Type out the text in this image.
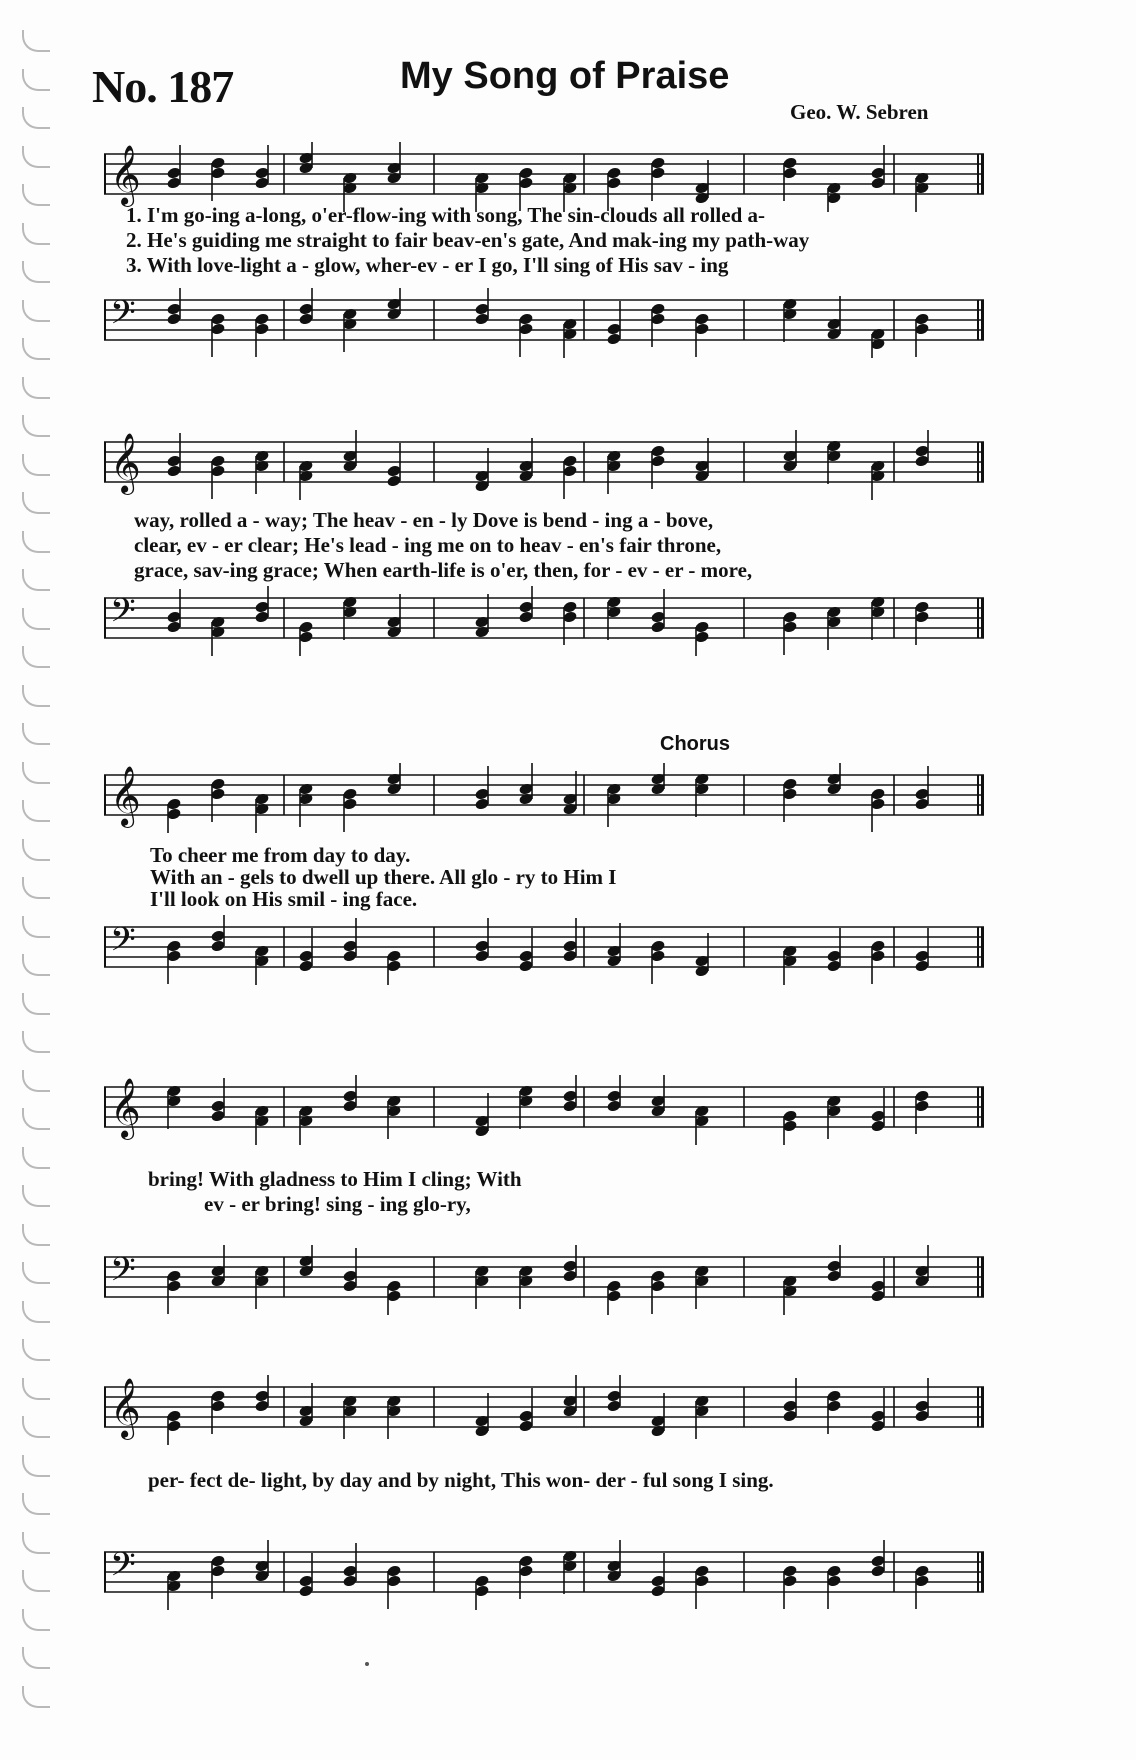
No. 187	My Song of Praise
Geo. W. Sebren
𝄞
1. I'm go-ing a-long, o'er-flow-ing with song, The sin-clouds all rolled a-
2. He's guiding me straight to fair beav-en's gate, And mak-ing my path-way
3. With love-light a - glow, wher-ev - er I go, I'll sing of His sav - ing
𝄢
𝄞
way, rolled a - way; The heav - en - ly Dove is bend - ing a - bove,
clear, ev - er clear; He's lead - ing me on to heav - en's fair throne,
grace, sav-ing grace; When earth-life is o'er, then, for - ev - er - more,
𝄢
Chorus
𝄞
To cheer me from day to day.
With an - gels to dwell up there. All glo - ry to Him I
I'll look on His smil - ing face.
𝄢
𝄞
bring! With gladness to Him I cling; With
ev - er bring! sing - ing glo-ry,
𝄢
𝄞
per- fect de- light, by day and by night, This won- der - ful song I sing.
𝄢
